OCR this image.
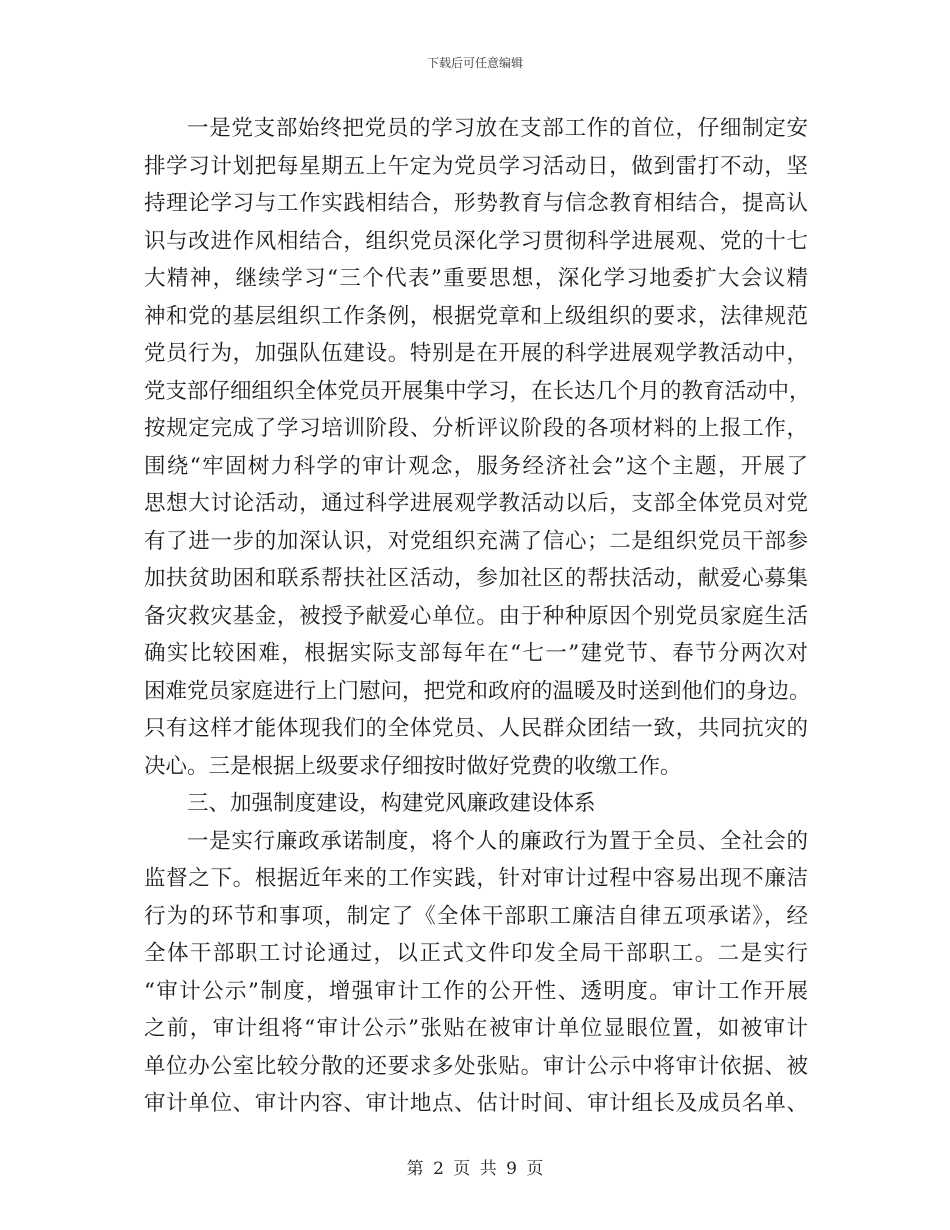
下载后可任意编辑
一是党支部始终把党员的学习放在支部工作的首位，仔细制定安
排学习计划把每星期五上午定为党员学习活动日，做到雷打不动，坚
持理论学习与工作实践相结合，形势教育与信念教育相结合，提高认
识与改进作风相结合，组织党员深化学习贯彻科学进展观、党的十七
大精神，继续学习“三个代表”重要思想，深化学习地委扩大会议精
神和党的基层组织工作条例，根据党章和上级组织的要求，法律规范
党员行为，加强队伍建设。特别是在开展的科学进展观学教活动中，
党支部仔细组织全体党员开展集中学习，在长达几个月的教育活动中，
按规定完成了学习培训阶段、分析评议阶段的各项材料的上报工作，
围绕“牢固树力科学的审计观念，服务经济社会”这个主题，开展了
思想大讨论活动，通过科学进展观学教活动以后，支部全体党员对党
有了进一步的加深认识，对党组织充满了信心；二是组织党员干部参
加扶贫助困和联系帮扶社区活动，参加社区的帮扶活动，献爱心募集
备灾救灾基金，被授予献爱心单位。由于种种原因个别党员家庭生活
确实比较困难，根据实际支部每年在“七一”建党节、春节分两次对
困难党员家庭进行上门慰问，把党和政府的温暖及时送到他们的身边。
只有这样才能体现我们的全体党员、人民群众团结一致，共同抗灾的
决心。三是根据上级要求仔细按时做好党费的收缴工作。
三、加强制度建设，构建党风廉政建设体系
一是实行廉政承诺制度，将个人的廉政行为置于全员、全社会的
监督之下。根据近年来的工作实践，针对审计过程中容易出现不廉洁
行为的环节和事项，制定了《全体干部职工廉洁自律五项承诺》，经
全体干部职工讨论通过，以正式文件印发全局干部职工。二是实行
“审计公示”制度，增强审计工作的公开性、透明度。审计工作开展
之前，审计组将“审计公示”张贴在被审计单位显眼位置，如被审计
单位办公室比较分散的还要求多处张贴。审计公示中将审计依据、被
审计单位、审计内容、审计地点、估计时间、审计组长及成员名单、
第 2 页 共 9 页
